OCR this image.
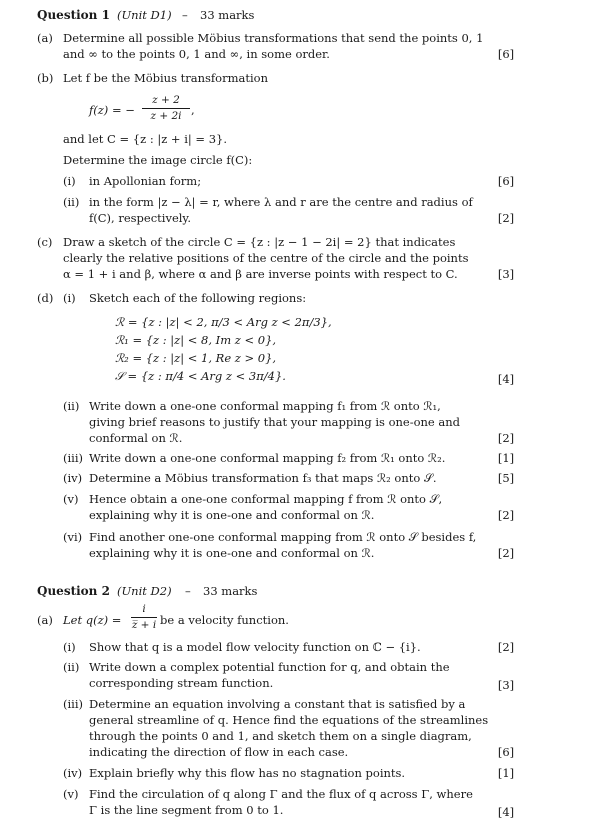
Question 1 (Unit D1) – 33 marks
(a) Determine all possible Möbius transformations that send the points 0, 1
and ∞ to the points 0, 1 and ∞, in some order.	[6]
(b) Let f be the Möbius transformation
f(z) = −
z + 2
z + 2i ,
and let C = {z : |z + i| = 3}.
Determine the image circle f(C):
(i) in Apollonian form;	[6]
(ii) in the form |z − λ| = r, where λ and r are the centre and radius of
f(C), respectively.	[2]
(c) Draw a sketch of the circle C = {z : |z − 1 − 2i| = 2} that indicates
clearly the relative positions of the centre of the circle and the points
α = 1 + i and β, where α and β are inverse points with respect to C.	[3]
(d) (i) Sketch each of the following regions:
ℛ = {z : |z| < 2, π/3 < Arg z < 2π/3},
ℛ₁ = {z : |z| < 8, Im z < 0},
ℛ₂ = {z : |z| < 1, Re z > 0},
𝒮 = {z : π/4 < Arg z < 3π/4}.	[4]
(ii) Write down a one-one conformal mapping f₁ from ℛ onto ℛ₁,
giving brief reasons to justify that your mapping is one-one and
conformal on ℛ.	[2]
(iii) Write down a one-one conformal mapping f₂ from ℛ₁ onto ℛ₂.	[1]
(iv) Determine a Möbius transformation f₃ that maps ℛ₂ onto 𝒮.	[5]
(v) Hence obtain a one-one conformal mapping f from ℛ onto 𝒮,
explaining why it is one-one and conformal on ℛ.	[2]
(vi) Find another one-one conformal mapping from ℛ onto 𝒮 besides f,
explaining why it is one-one and conformal on ℛ.	[2]
Question 2 (Unit D2) – 33 marks
(a) Let q(z) =
i
z̅ + i be a velocity function.
(i) Show that q is a model flow velocity function on ℂ − {i}.	[2]
(ii) Write down a complex potential function for q, and obtain the
corresponding stream function.	[3]
(iii) Determine an equation involving a constant that is satisfied by a
general streamline of q. Hence find the equations of the streamlines
through the points 0 and 1, and sketch them on a single diagram,
indicating the direction of flow in each case.	[6]
(iv) Explain briefly why this flow has no stagnation points.	[1]
(v) Find the circulation of q along Γ and the flux of q across Γ, where
Γ is the line segment from 0 to 1.	[4]
